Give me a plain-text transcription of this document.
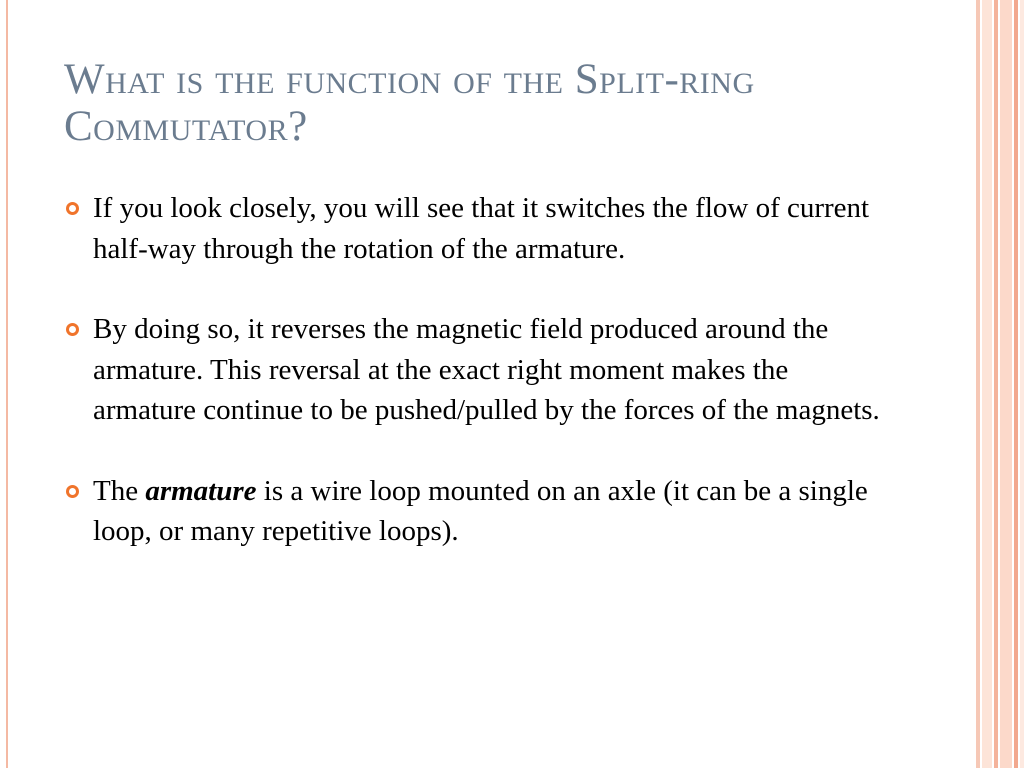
What is the function of the Split-ring Commutator?
If you look closely, you will see that it switches the flow of current half-way through the rotation of the armature.
By doing so, it reverses the magnetic field produced around the armature. This reversal at the exact right moment makes the armature continue to be pushed/pulled by the forces of the magnets.
The armature is a wire loop mounted on an axle (it can be a single loop, or many repetitive loops).
